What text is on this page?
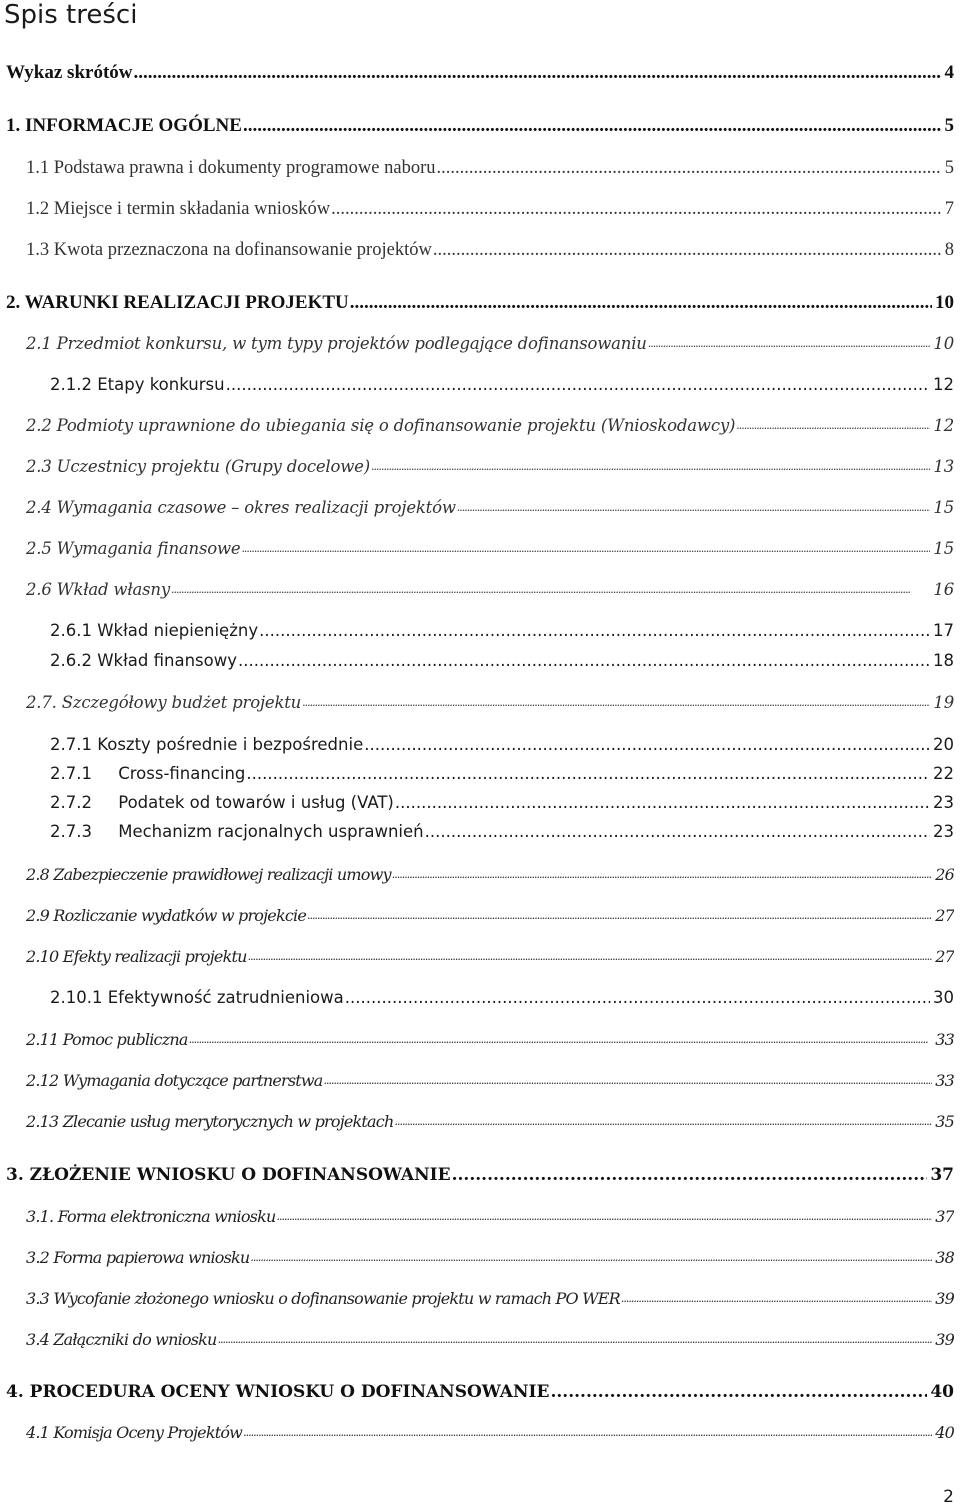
Spis treści
Wykaz skrótów .....	4
1. INFORMACJE OGÓLNE .....	5
1.1 Podstawa prawna i dokumenty programowe naboru .....	5
1.2 Miejsce i termin składania wniosków .....	7
1.3 Kwota przeznaczona na dofinansowanie projektów .....	8
2. WARUNKI REALIZACJI PROJEKTU .....	10
2.1 Przedmiot konkursu, w tym typy projektów podlegające dofinansowaniu .....	10
2.1.2 Etapy konkursu .....	12
2.2 Podmioty uprawnione do ubiegania się o dofinansowanie projektu (Wnioskodawcy) .....	12
2.3 Uczestnicy projektu (Grupy docelowe) .....	13
2.4 Wymagania czasowe – okres realizacji projektów .....	15
2.5 Wymagania finansowe .....	15
2.6 Wkład własny .....	16
2.6.1 Wkład niepieniężny .....	17
2.6.2 Wkład finansowy .....	18
2.7. Szczegółowy budżet projektu .....	19
2.7.1 Koszty pośrednie i bezpośrednie .....	20
2.7.1     Cross-financing .....	22
2.7.2     Podatek od towarów i usług (VAT) .....	23
2.7.3     Mechanizm racjonalnych usprawnień .....	23
2.8 Zabezpieczenie prawidłowej realizacji umowy .....	26
2.9 Rozliczanie wydatków w projekcie .....	27
2.10 Efekty realizacji projektu .....	27
2.10.1 Efektywność zatrudnieniowa .....	30
2.11 Pomoc publiczna .....	33
2.12 Wymagania dotyczące partnerstwa .....	33
2.13 Zlecanie usług merytorycznych w projektach .....	35
3. ZŁOŻENIE WNIOSKU O DOFINANSOWANIE .....	37
3.1. Forma elektroniczna wniosku .....	37
3.2 Forma papierowa wniosku .....	38
3.3 Wycofanie złożonego wniosku o dofinansowanie projektu w ramach PO WER .....	39
3.4 Załączniki do wniosku .....	39
4. PROCEDURA OCENY WNIOSKU O DOFINANSOWANIE .....	40
4.1 Komisja Oceny Projektów .....	40
2
